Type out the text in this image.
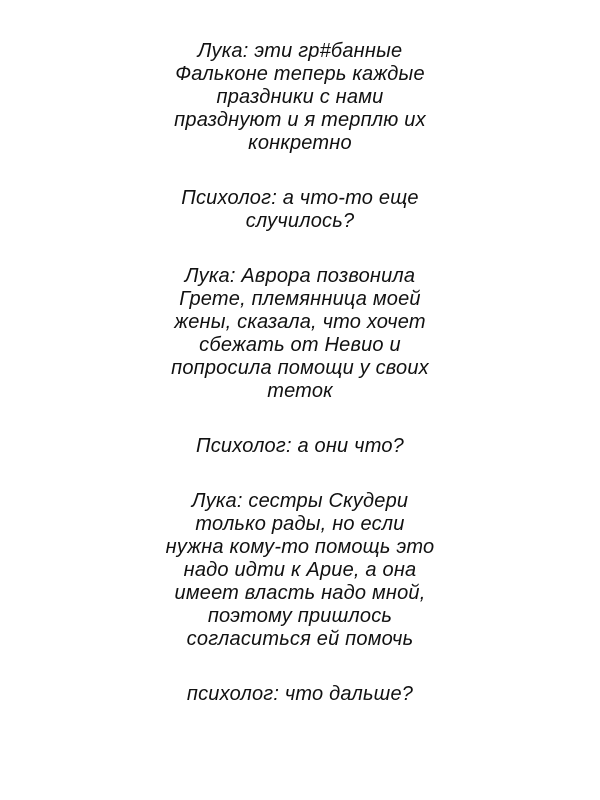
Лука: эти гр#банные
Фальконе теперь каждые
праздники с нами
празднуют и я терплю их
конкретно
Психолог: а что-то еще
случилось?
Лука: Аврора позвонила
Грете, племянница моей
жены, сказала, что хочет
сбежать от Невио и
попросила помощи у своих
теток
Психолог: а они что?
Лука: сестры Скудери
только рады, но если
нужна кому-то помощь это
надо идти к Арие, а она
имеет власть надо мной,
поэтому пришлось
согласиться ей помочь
психолог: что дальше?
